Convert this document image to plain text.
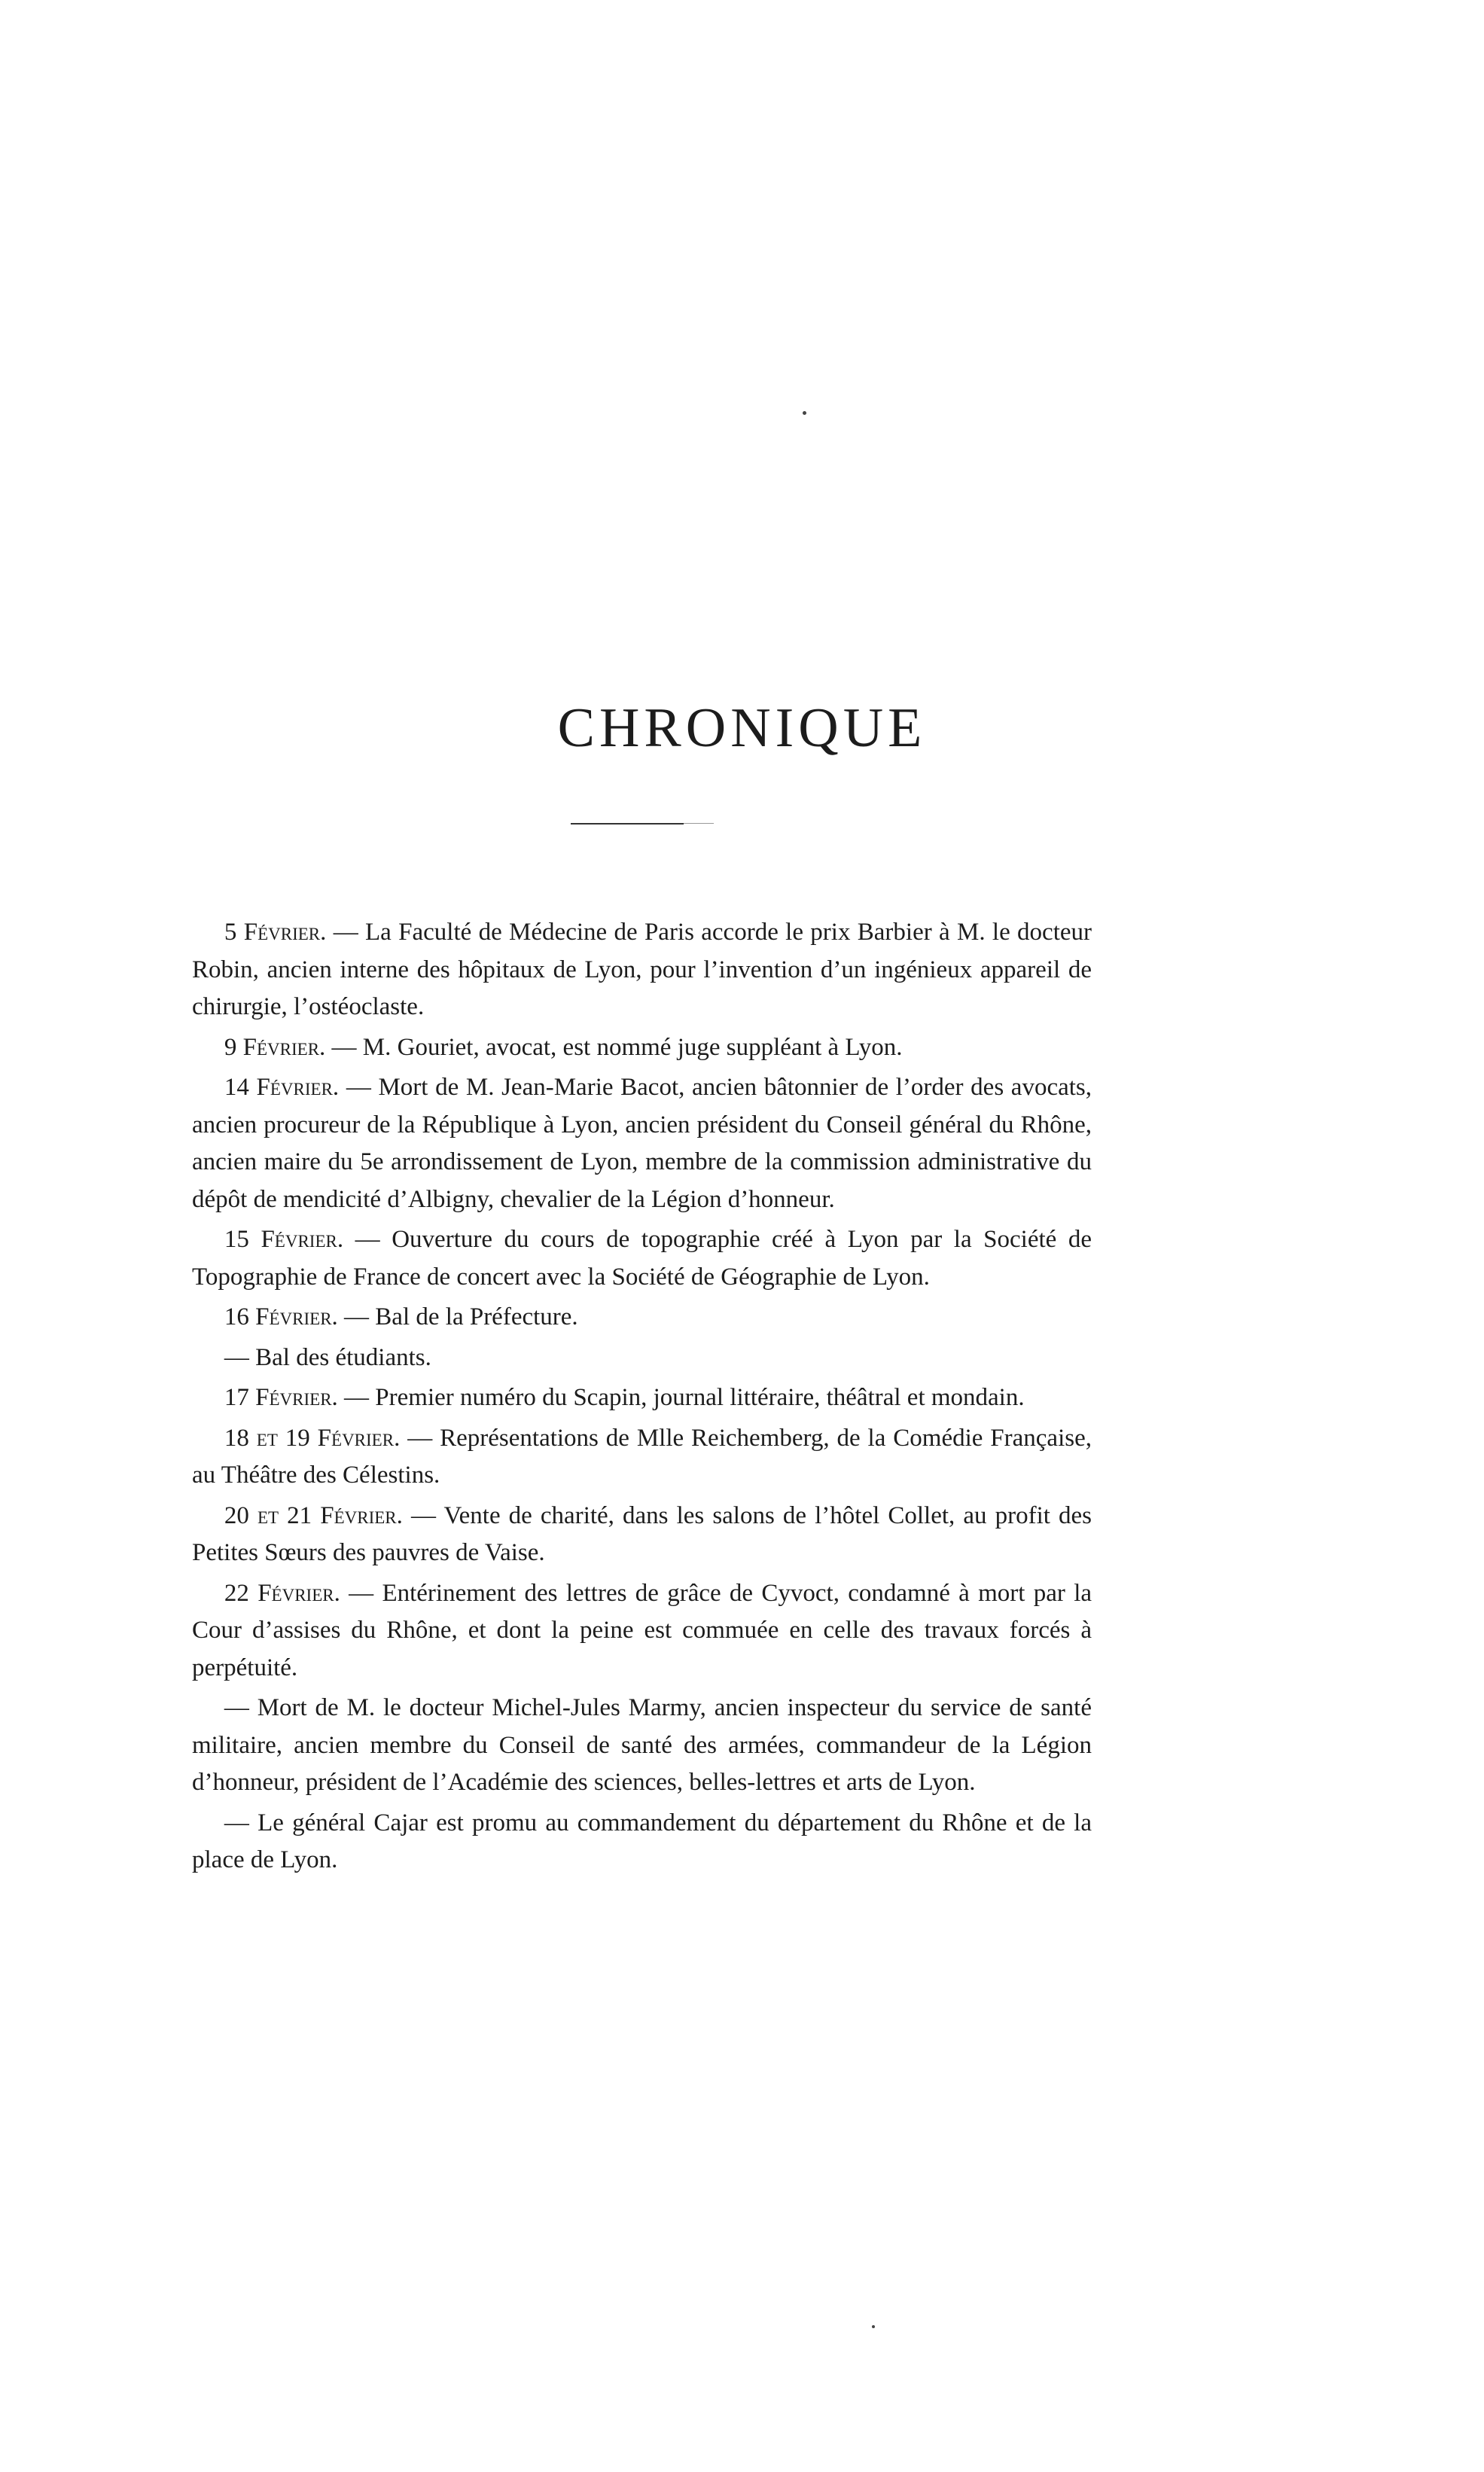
CHRONIQUE

5 Février. — La Faculté de Médecine de Paris accorde le prix Barbier à M. le docteur Robin, ancien interne des hôpitaux de Lyon, pour l’invention d’un ingénieux appareil de chirurgie, l’ostéoclaste.

9 Février. — M. Gouriet, avocat, est nommé juge suppléant à Lyon.

14 Février. — Mort de M. Jean-Marie Bacot, ancien bâtonnier de l’order des avocats, ancien procureur de la République à Lyon, ancien président du Conseil général du Rhône, ancien maire du 5e arrondissement de Lyon, membre de la commission administrative du dépôt de mendicité d’Albigny, chevalier de la Légion d’honneur.

15 Février. — Ouverture du cours de topographie créé à Lyon par la Société de Topographie de France de concert avec la Société de Géographie de Lyon.

16 Février. — Bal de la Préfecture.

— Bal des étudiants.

17 Février. — Premier numéro du Scapin, journal littéraire, théâtral et mondain.

18 et 19 Février. — Représentations de Mlle Reichemberg, de la Comédie Française, au Théâtre des Célestins.

20 et 21 Février. — Vente de charité, dans les salons de l’hôtel Collet, au profit des Petites Sœurs des pauvres de Vaise.

22 Février. — Entérinement des lettres de grâce de Cyvoct, condamné à mort par la Cour d’assises du Rhône, et dont la peine est commuée en celle des travaux forcés à perpétuité.

— Mort de M. le docteur Michel-Jules Marmy, ancien inspecteur du service de santé militaire, ancien membre du Conseil de santé des armées, commandeur de la Légion d’honneur, président de l’Académie des sciences, belles-lettres et arts de Lyon.

— Le général Cajar est promu au commandement du département du Rhône et de la place de Lyon.
